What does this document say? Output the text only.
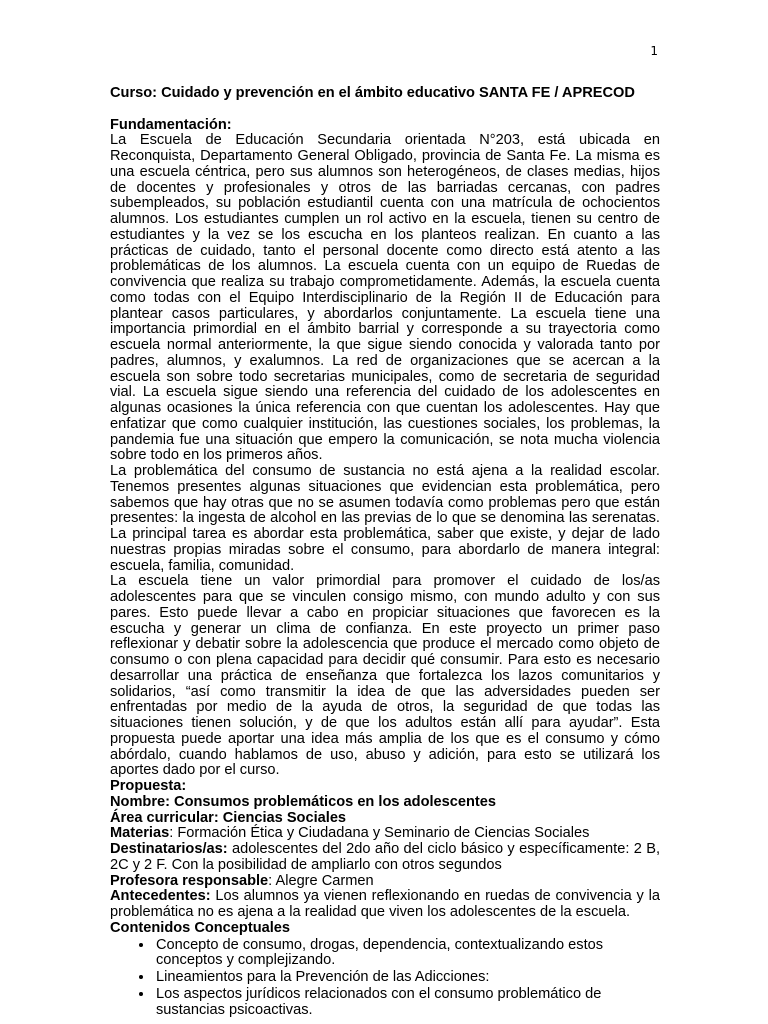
1
Curso: Cuidado y prevención en el ámbito educativo SANTA FE / APRECOD
Fundamentación:

La Escuela de Educación Secundaria orientada N°203, está ubicada en Reconquista, Departamento General Obligado, provincia de Santa Fe. La misma es una escuela céntrica, pero sus alumnos son heterogéneos, de clases medias, hijos de docentes y profesionales y otros de las barriadas cercanas, con padres subempleados, su población estudiantil cuenta con una matrícula de ochocientos alumnos. Los estudiantes cumplen un rol activo en la escuela, tienen su centro de estudiantes y la vez se los escucha en los planteos realizan. En cuanto a las prácticas de cuidado, tanto el personal docente como directo está atento a las problemáticas de los alumnos. La escuela cuenta con un equipo de Ruedas de convivencia que realiza su trabajo comprometidamente. Además, la escuela cuenta como todas con el Equipo Interdisciplinario de la Región II de Educación para plantear casos particulares, y abordarlos conjuntamente. La escuela tiene una importancia primordial en el ámbito barrial y corresponde a su trayectoria como escuela normal anteriormente, la que sigue siendo conocida y valorada tanto por padres, alumnos, y exalumnos. La red de organizaciones que se acercan a la escuela son sobre todo secretarias municipales, como de secretaria de seguridad vial. La escuela sigue siendo una referencia del cuidado de los adolescentes en algunas ocasiones la única referencia con que cuentan los adolescentes. Hay que enfatizar que como cualquier institución, las cuestiones sociales, los problemas, la pandemia fue una situación que empero la comunicación, se nota mucha violencia sobre todo en los primeros años.

La problemática del consumo de sustancia no está ajena a la realidad escolar. Tenemos presentes algunas situaciones que evidencian esta problemática, pero sabemos que hay otras que no se asumen todavía como problemas pero que están presentes: la ingesta de alcohol en las previas de lo que se denomina las serenatas. La principal tarea es abordar esta problemática, saber que existe, y dejar de lado nuestras propias miradas sobre el consumo, para abordarlo de manera integral: escuela, familia, comunidad.

La escuela tiene un valor primordial para promover el cuidado de los/as adolescentes para que se vinculen consigo mismo, con mundo adulto y con sus pares. Esto puede llevar a cabo en propiciar situaciones que favorecen es la escucha y generar un clima de confianza. En este proyecto un primer paso reflexionar y debatir sobre la adolescencia que produce el mercado como objeto de consumo o con plena capacidad para decidir qué consumir. Para esto es necesario desarrollar una práctica de enseñanza que fortalezca los lazos comunitarios y solidarios, “así como transmitir la idea de que las adversidades pueden ser enfrentadas por medio de la ayuda de otros, la seguridad de que todas las situaciones tienen solución, y de que los adultos están allí para ayudar”. Esta propuesta puede aportar una idea más amplia de los que es el consumo y cómo abórdalo, cuando hablamos de uso, abuso y adición, para esto se utilizará los aportes dado por el curso.

Propuesta:
Nombre: Consumos problemáticos en los adolescentes
Área curricular: Ciencias Sociales

Materias: Formación Ética y Ciudadana y Seminario de Ciencias Sociales

Destinatarios/as: adolescentes del 2do año del ciclo básico y específicamente: 2 B, 2C y 2 F. Con la posibilidad de ampliarlo con otros segundos

Profesora responsable: Alegre Carmen

Antecedentes: Los alumnos ya vienen reflexionando en ruedas de convivencia y la problemática no es ajena a la realidad que viven los adolescentes de la escuela.

Contenidos Conceptuales
• Concepto de consumo, drogas, dependencia, contextualizando estos conceptos y complejizando.
• Lineamientos para la Prevención de las Adicciones:
• Los aspectos jurídicos relacionados con el consumo problemático de sustancias psicoactivas.
